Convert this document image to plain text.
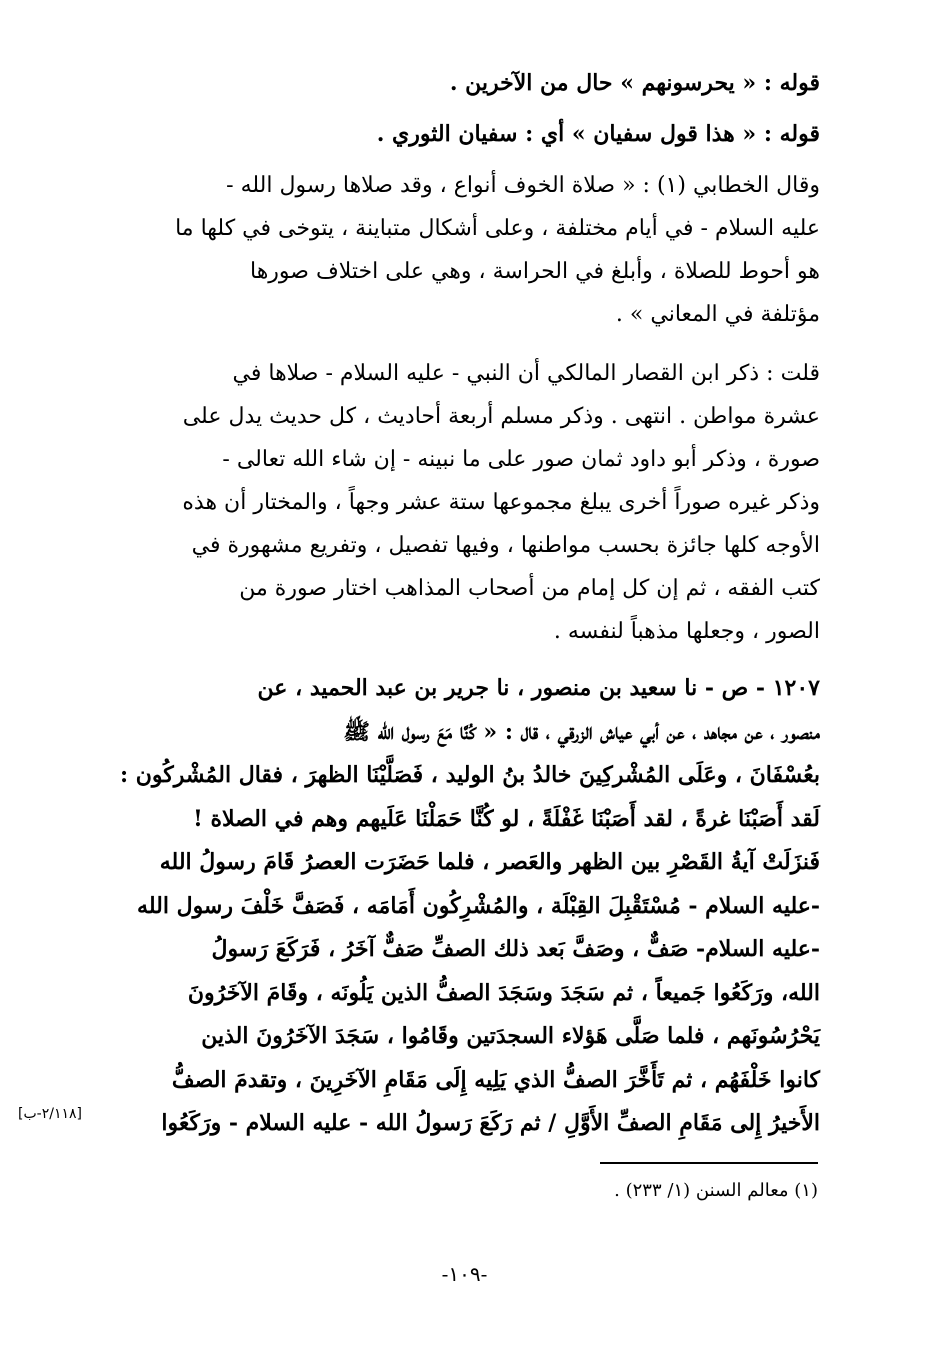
قوله : « يحرسونهم » حال من الآخرين .

قوله : « هذا قول سفيان » أي : سفيان الثوري .

وقال الخطابي (١) : « صلاة الخوف أنواع ، وقد صلاها رسول الله -
عليه السلام - في أيام مختلفة ، وعلى أشكال متباينة ، يتوخى في كلها ما
هو أحوط للصلاة ، وأبلغ في الحراسة ، وهي على اختلاف صورها
مؤتلفة في المعاني » .
قلت : ذكر ابن القصار المالكي أن النبي - عليه السلام - صلاها في
عشرة مواطن . انتهى . وذكر مسلم أربعة أحاديث ، كل حديث يدل على
صورة ، وذكر أبو داود ثمان صور على ما نبينه - إن شاء الله تعالى -
وذكر غيره صوراً أخرى يبلغ مجموعها ستة عشر وجهاً ، والمختار أن هذه
الأوجه كلها جائزة بحسب مواطنها ، وفيها تفصيل ، وتفريع مشهورة في
كتب الفقه ، ثم إن كل إمام من أصحاب المذاهب اختار صورة من
الصور ، وجعلها مذهباً لنفسه .
١٢٠٧ - ص - نا سعيد بن منصور ، نا جرير بن عبد الحميد ، عن
منصور ، عن مجاهد ، عن أبي عياش الزرقي ، قال : « كُنَّا مَعَ رسول الله ﷺ
بعُسْفَانَ ، وعَلَى المُشْركِينَ خالدُ بنُ الوليد ، فَصَلَّيْنَا الظهرَ ، فقال المُشْركُون :
لَقد أَصَبْنَا غرةً ، لقد أَصَبْنَا غَفْلَةً ، لو كُنَّا حَمَلْنَا عَلَيهم وهم في الصلاة !
فَنزَلَتْ آيةُ القَصْرِ بين الظهر والعَصر ، فلما حَضَرَت العصرُ قَامَ رسولُ الله
-عليه السلام - مُسْتَقْبِلَ القِبْلَة ، والمُشْرِكُون أَمَامَه ، فَصَفَّ خَلْفَ رسول الله
-عليه السلام- صَفٌّ ، وصَفَّ بَعد ذلك الصفِّ صَفٌّ آخَرُ ، فَرَكَعَ رَسولُ
الله، ورَكَعُوا جَميعاً ، ثم سَجَدَ وسَجَدَ الصفُّ الذين يَلُونَه ، وقَامَ الآخَرُونَ
يَحْرُسُونَهم ، فلما صَلَّى هَؤلاء السجدَتين وقَامُوا ، سَجَدَ الآخَرُونَ الذين
كانوا خَلْفَهُم ، ثم تَأَخَّرَ الصفُّ الذي يَلِيه إِلَى مَقَامِ الآخَرِينَ ، وتقدمَ الصفُّ
الأَخيرُ إِلى مَقَامِ الصفِّ الأَوَّلِ / ثم رَكَعَ رَسولُ الله - عليه السلام - ورَكَعُوا
[٢/١١٨-ب]
(١) معالم السنن (١/ ٢٣٣) .
-١٠٩-
